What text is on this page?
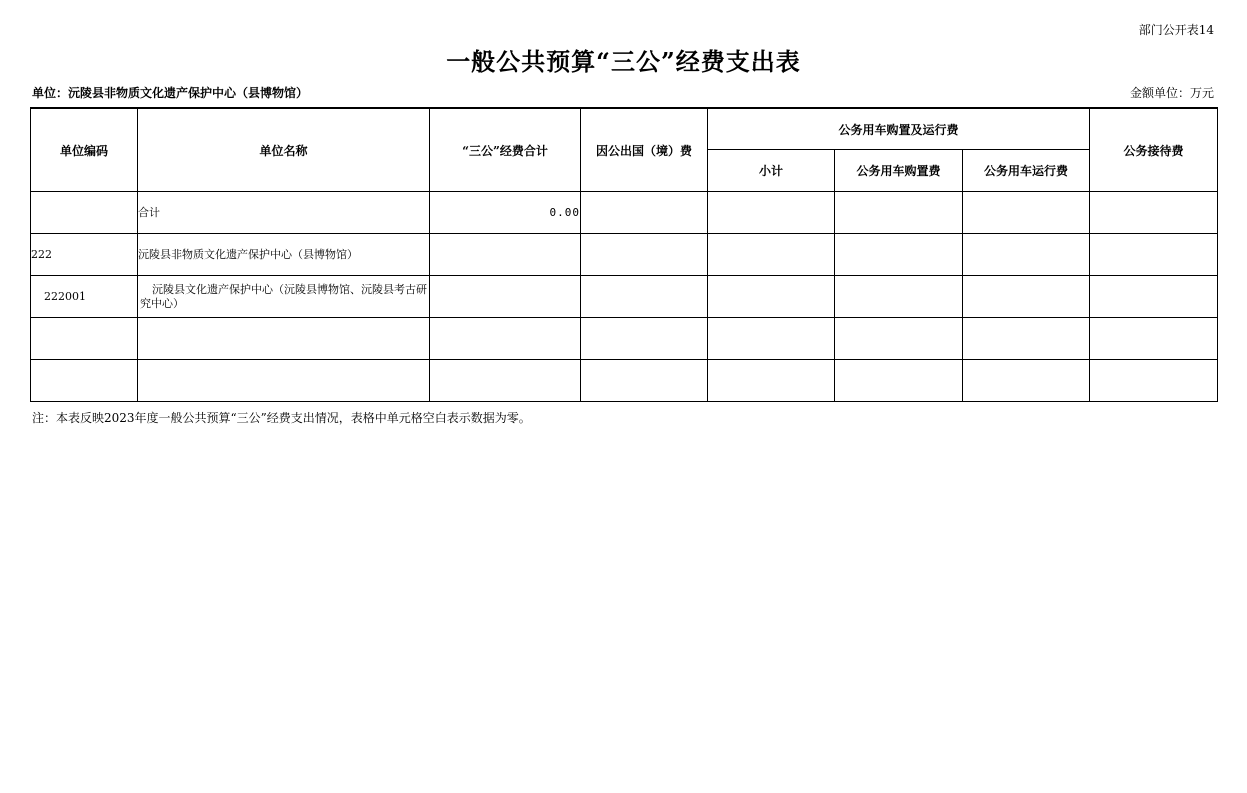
部门公开表14
一般公共预算“三公”经费支出表
单位：沅陵县非物质文化遗产保护中心（县博物馆）	金额单位：万元
单位编码	单位名称	“三公”经费合计	因公出国（境）费	公务用车购置及运行费			公务接待费
				小计	公务用车购置费	公务用车运行费	
	合计	0.00					
222	沅陵县非物质文化遗产保护中心（县博物馆）						
222001	沅陵县文化遗产保护中心（沅陵县博物馆、沅陵县考古研究中心）						

注：本表反映2023年度一般公共预算“三公”经费支出情况，表格中单元格空白表示数据为零。
